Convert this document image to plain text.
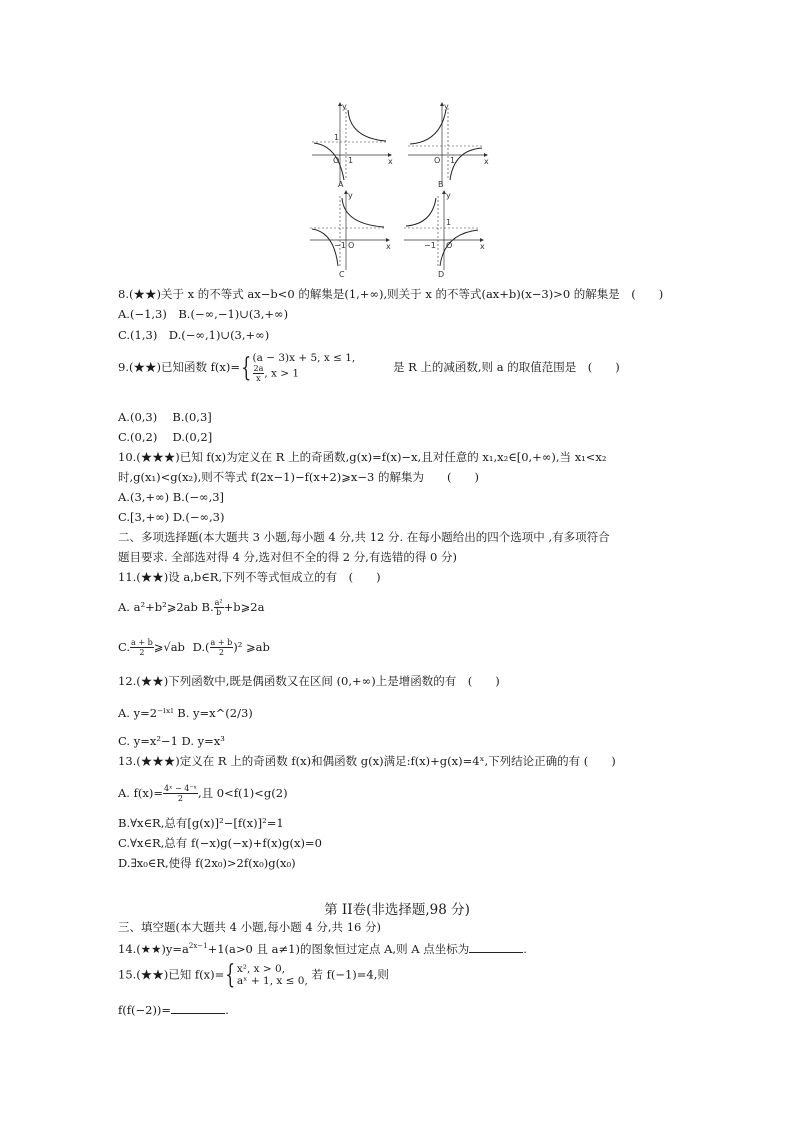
O 1
1
x
y
A
O 1	x
y
B
−1 O	x
y
C
−1 O
1
x
y
D
8.(★★)关于 x 的不等式 ax−b<0 的解集是(1,+∞),则关于 x 的不等式(ax+b)(x−3)>0 的解集是　(　　)
A.(−1,3)　B.(−∞,−1)∪(3,+∞)
C.(1,3)　D.(−∞,1)∪(3,+∞)
9.(★★)已知函数 f(x)={ (a − 3)x + 5, x ≤ 1,
$\frac{2a}{x}$ , x > 1	是 R 上的减函数,则 a 的取值范围是　(　　)
A.(0,3)　 B.(0,3]
C.(0,2)　 D.(0,2]
10.(★★★)已知 f(x)为定义在 R 上的奇函数,g(x)=f(x)−x,且对任意的 x₁,x₂∈[0,+∞),当 x₁<x₂
时,g(x₁)<g(x₂),则不等式 f(2x−1)−f(x+2)⩾x−3 的解集为　　(　　)
A.(3,+∞) B.(−∞,3]
C.[3,+∞) D.(−∞,3)
二、多项选择题(本大题共 3 小题,每小题 4 分,共 12 分. 在每小题给出的四个选项中 ,有多项符合
题目要求. 全部选对得 4 分,选对但不全的得 2 分,有选错的得 0 分)
11.(★★)设 a,b∈R,下列不等式恒成立的有　(　　)
A. a²+b²⩾2ab B. $\frac{\text{a²}}{b}$ +b⩾2a
C. $\frac{a + b}{2}$ ⩾√ab $D.( \frac{a + b}{2} )^2$ ⩾ab
12.(★★)下列函数中,既是偶函数又在区间 (0,+∞)上是增函数的有　(　　)
A. y=2⁻ˡˣˡ B. y=x^(2/3)
C. y=x²−1 D. y=x³
13.(★★★)定义在 R 上的奇函数 f(x)和偶函数 g(x)满足:f(x)+g(x)=4ˣ,下列结论正确的有 (　　)
A. $f(x)= \frac{\text{4ˣ − 4⁻ˣ}}{2}$ ,且 0<f(1)<g(2)
B.∀x∈R,总有[g(x)]²−[f(x)]²=1
C.∀x∈R,总有 f(−x)g(−x)+f(x)g(x)=0
D.∃x₀∈R,使得 f(2x₀)>2f(x₀)g(x₀)
第 II卷(非选择题,98 分)
三、填空题(本大题共 4 小题,每小题 4 分,共 16 分)
$14.(★★)y=a^{2x-1}+1(a>0$ 且 a≠1)的图象恒过定点 A,则 A 点坐标为	.
15.(★★)已知 f(x)={ x², x > 0,
aˣ + 1, x ≤ 0, 若 f(−1)=4,则
f(f(−2))=	.
